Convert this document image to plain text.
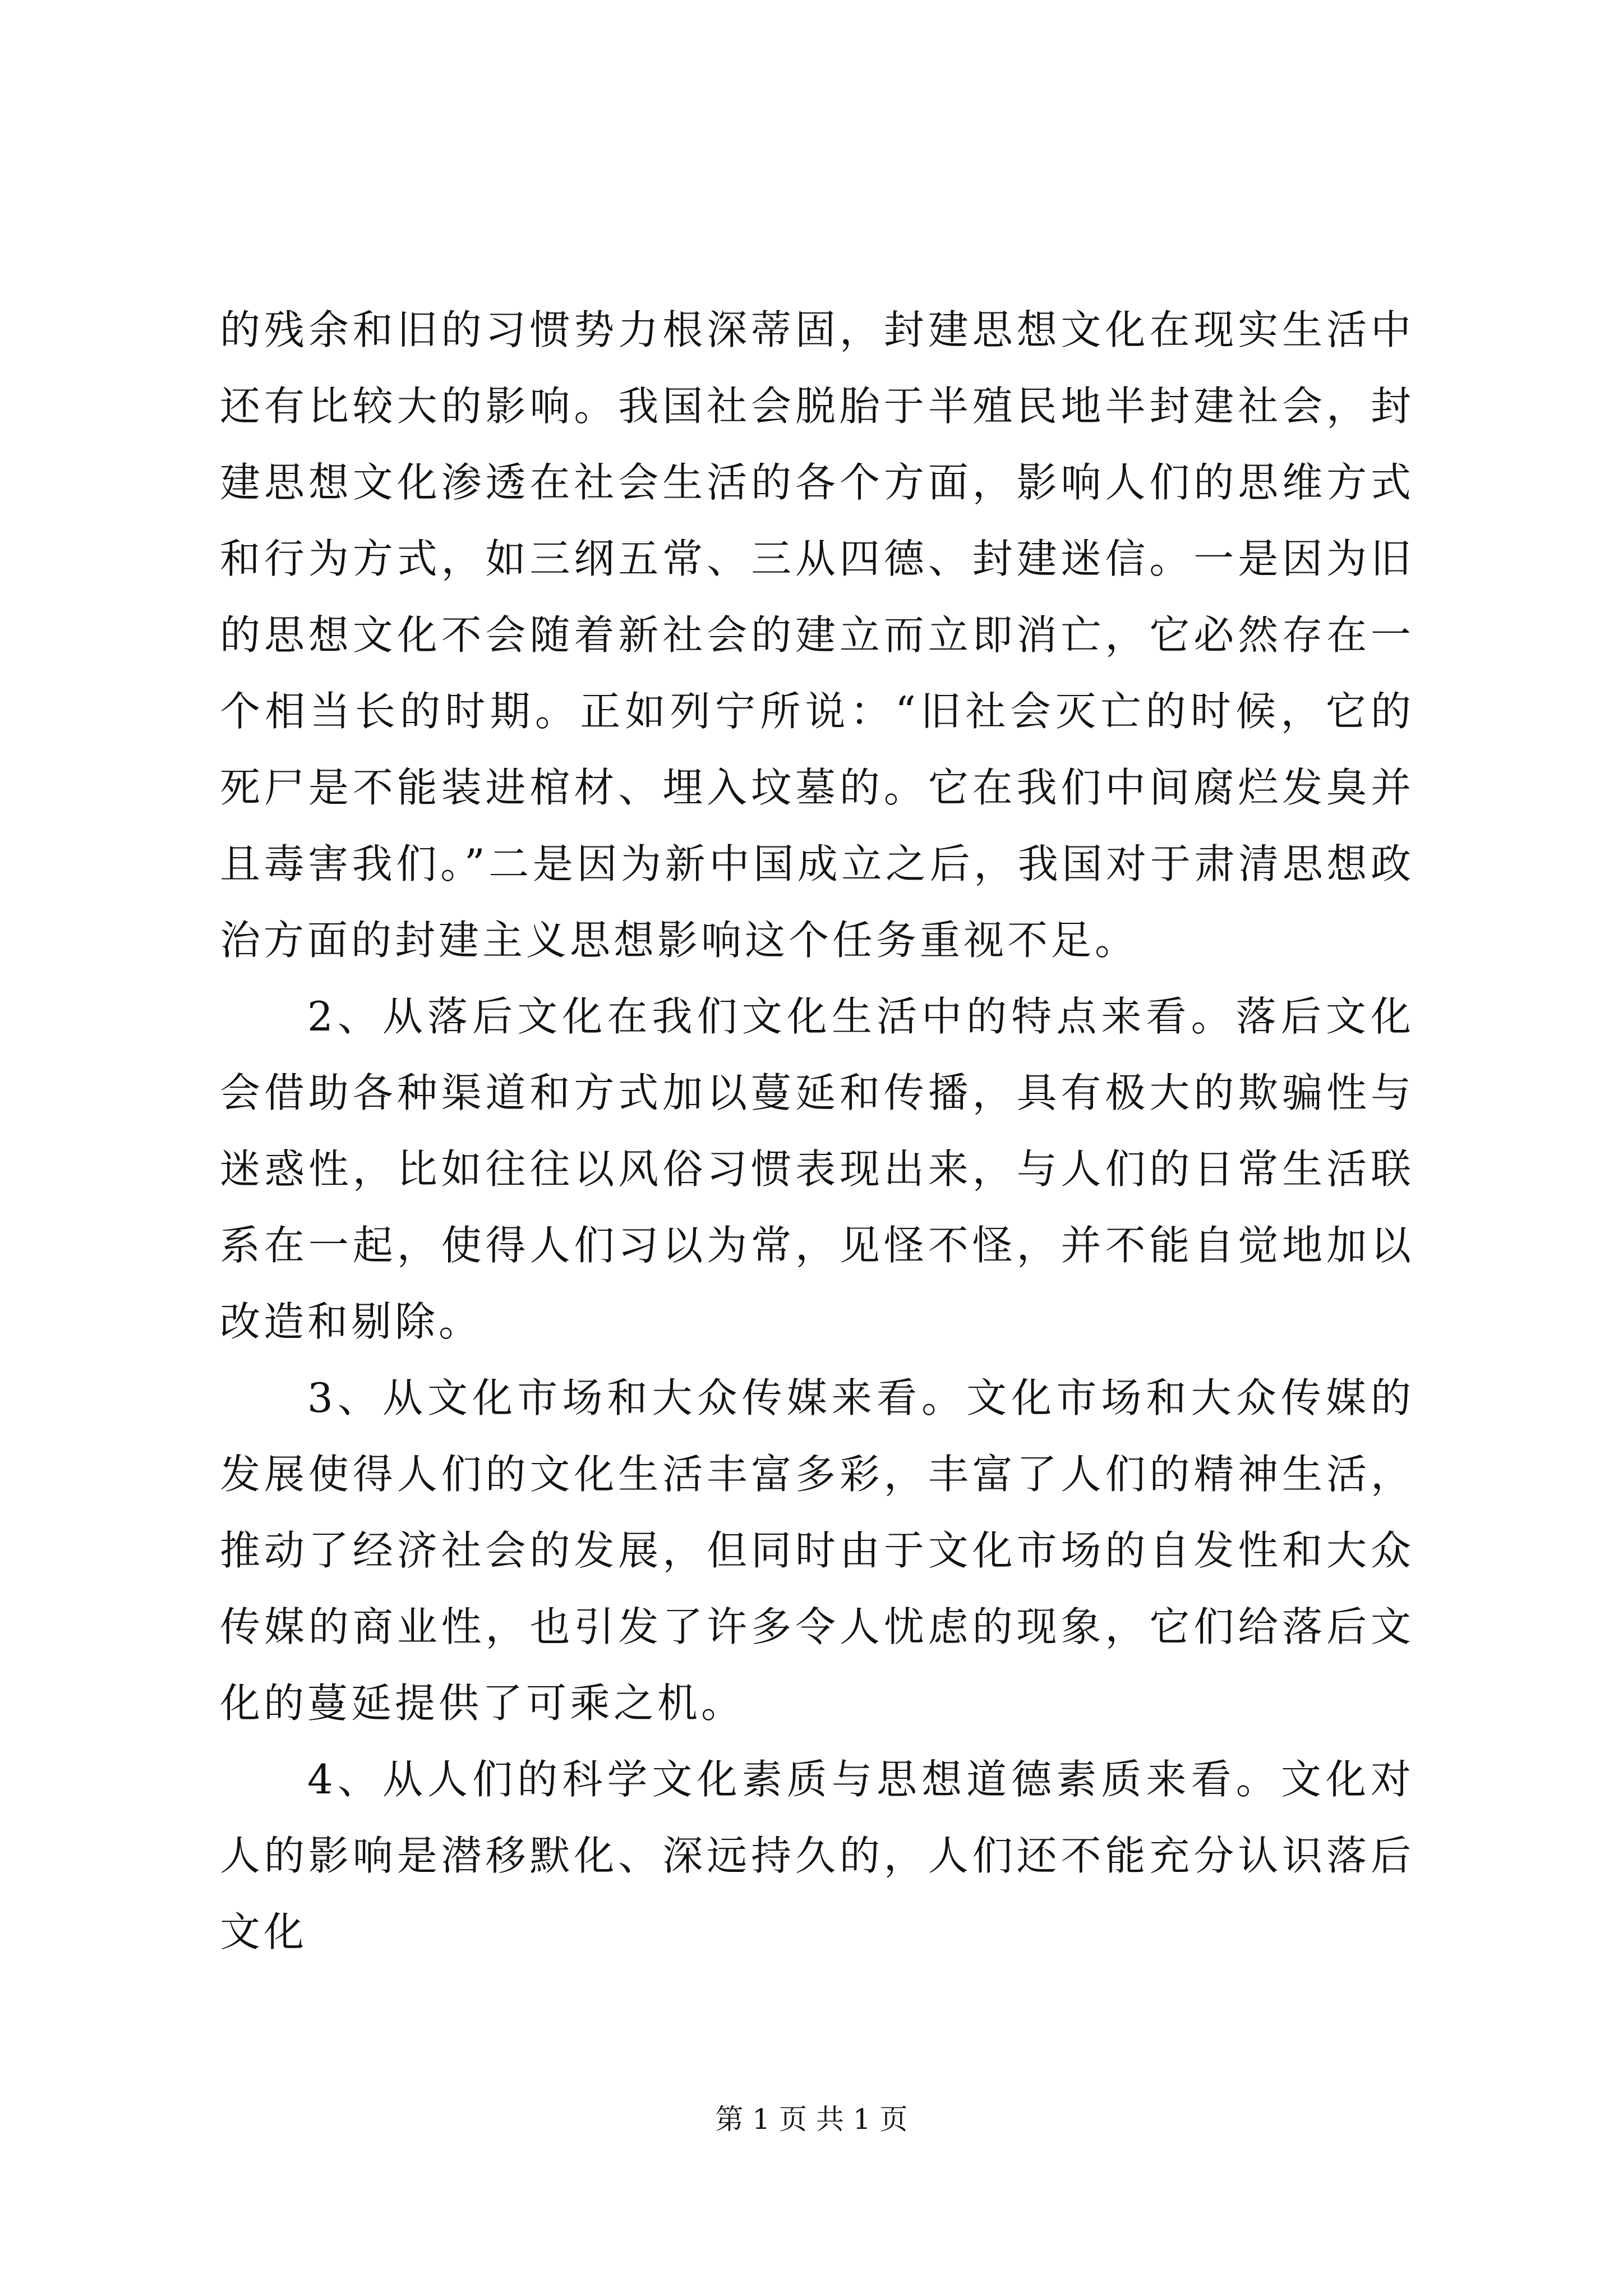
的残余和旧的习惯势力根深蒂固，封建思想文化在现实生活中还有比较大的影响。我国社会脱胎于半殖民地半封建社会，封建思想文化渗透在社会生活的各个方面，影响人们的思维方式和行为方式，如三纲五常、三从四德、封建迷信。一是因为旧的思想文化不会随着新社会的建立而立即消亡，它必然存在一个相当长的时期。正如列宁所说：“旧社会灭亡的时候，它的死尸是不能装进棺材、埋入坟墓的。它在我们中间腐烂发臭并且毒害我们。”二是因为新中国成立之后，我国对于肃清思想政治方面的封建主义思想影响这个任务重视不足。

2、从落后文化在我们文化生活中的特点来看。落后文化会借助各种渠道和方式加以蔓延和传播，具有极大的欺骗性与迷惑性，比如往往以风俗习惯表现出来，与人们的日常生活联系在一起，使得人们习以为常，见怪不怪，并不能自觉地加以改造和剔除。

3、从文化市场和大众传媒来看。文化市场和大众传媒的发展使得人们的文化生活丰富多彩，丰富了人们的精神生活，推动了经济社会的发展，但同时由于文化市场的自发性和大众传媒的商业性，也引发了许多令人忧虑的现象，它们给落后文化的蔓延提供了可乘之机。

4、从人们的科学文化素质与思想道德素质来看。文化对人的影响是潜移默化、深远持久的，人们还不能充分认识落后文化

第 1 页 共 1 页
